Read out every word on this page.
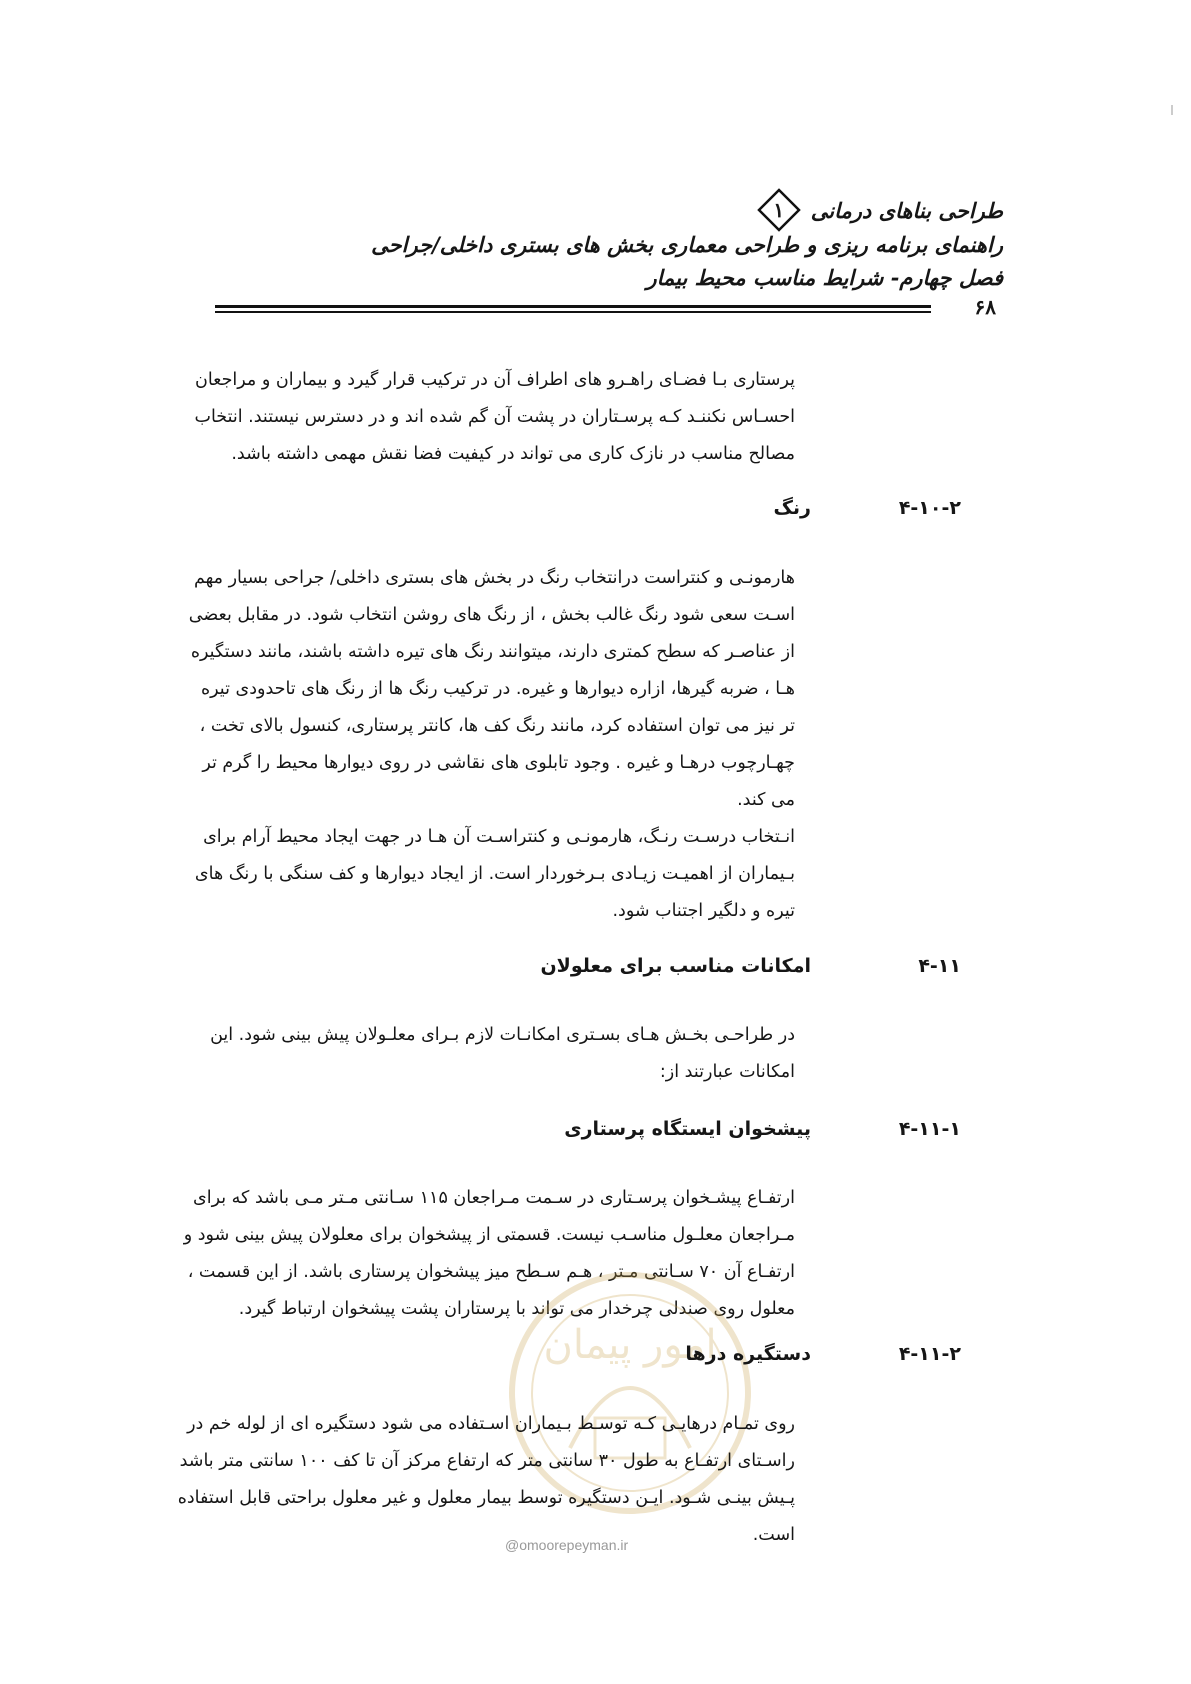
طراحی بناهای درمانی
۱
راهنمای برنامه ریزی و طراحی معماری بخش های بستری داخلی/جراحی
فصل چهارم- شرایط مناسب محیط بیمار
۶۸
پرستاری بـا فضـای راهـرو های اطراف آن در ترکیب قرار گیرد و بیماران و مراجعان
احسـاس نکننـد کـه پرسـتاران در پشت آن گم شده اند و در دسترس نیستند. انتخاب
مصالح مناسب در نازک کاری می تواند در کیفیت فضا نقش مهمی داشته باشد.
۴-۱۰-۲
رنگ
هارمونـی و کنتراست درانتخاب رنگ در بخش های بستری داخلی/ جراحی بسیار مهم
اسـت سعی شود رنگ غالب بخش ، از رنگ های روشن انتخاب شود. در مقابل بعضی
از عناصـر که سطح کمتری دارند، میتوانند رنگ های تیره داشته باشند، مانند دستگیره
هـا ، ضربه گیرها، ازاره دیوارها و غیره. در ترکیب رنگ ها از رنگ های تاحدودی تیره
تر نیز می توان استفاده کرد، مانند رنگ کف ها، کانتر پرستاری، کنسول بالای تخت ،
چهـارچوب درهـا و غیره . وجود تابلوی های نقاشی در روی دیوارها محیط را گرم تر
می کند.
انـتخاب درسـت رنـگ، هارمونـی و کنتراسـت آن هـا در جهت ایجاد محیط آرام برای
بـیماران از اهمیـت زیـادی بـرخوردار است. از ایجاد دیوارها و کف سنگی با رنگ های
تیره و دلگیر اجتناب شود.
۴-۱۱
امکانات مناسب برای معلولان
در طراحـی بخـش هـای بسـتری امکانـات لازم بـرای معلـولان پیش بینی شود. این
امکانات عبارتند از:
۴-۱۱-۱
پیشخوان ایستگاه پرستاری
ارتفـاع پیشـخوان پرسـتاری در سـمت مـراجعان ۱۱۵ سـانتی مـتر مـی باشد که برای
مـراجعان معلـول مناسـب نیست. قسمتی از پیشخوان برای معلولان پیش بینی شود و
ارتفـاع آن ۷۰ سـانتی مـتر ، هـم سـطح میز پیشخوان پرستاری باشد. از این قسمت ،
معلول روی صندلی چرخدار می تواند با پرستاران پشت پیشخوان ارتباط گیرد.
امور پیمان	۴-۱۱-۲
دستگیره درها
روی تمـام درهایـی کـه توسـط بـیماران اسـتفاده می شود دستگیره ای از لوله خم در
راسـتای ارتفـاع به طول ۳۰ سانتی متر که ارتفاع مرکز آن تا کف ۱۰۰ سانتی متر باشد
پـیش بینـی شـود. ایـن دستگیره توسط بیمار معلول و غیر معلول براحتی قابل استفاده
است.
@omoorepeyman.ir
